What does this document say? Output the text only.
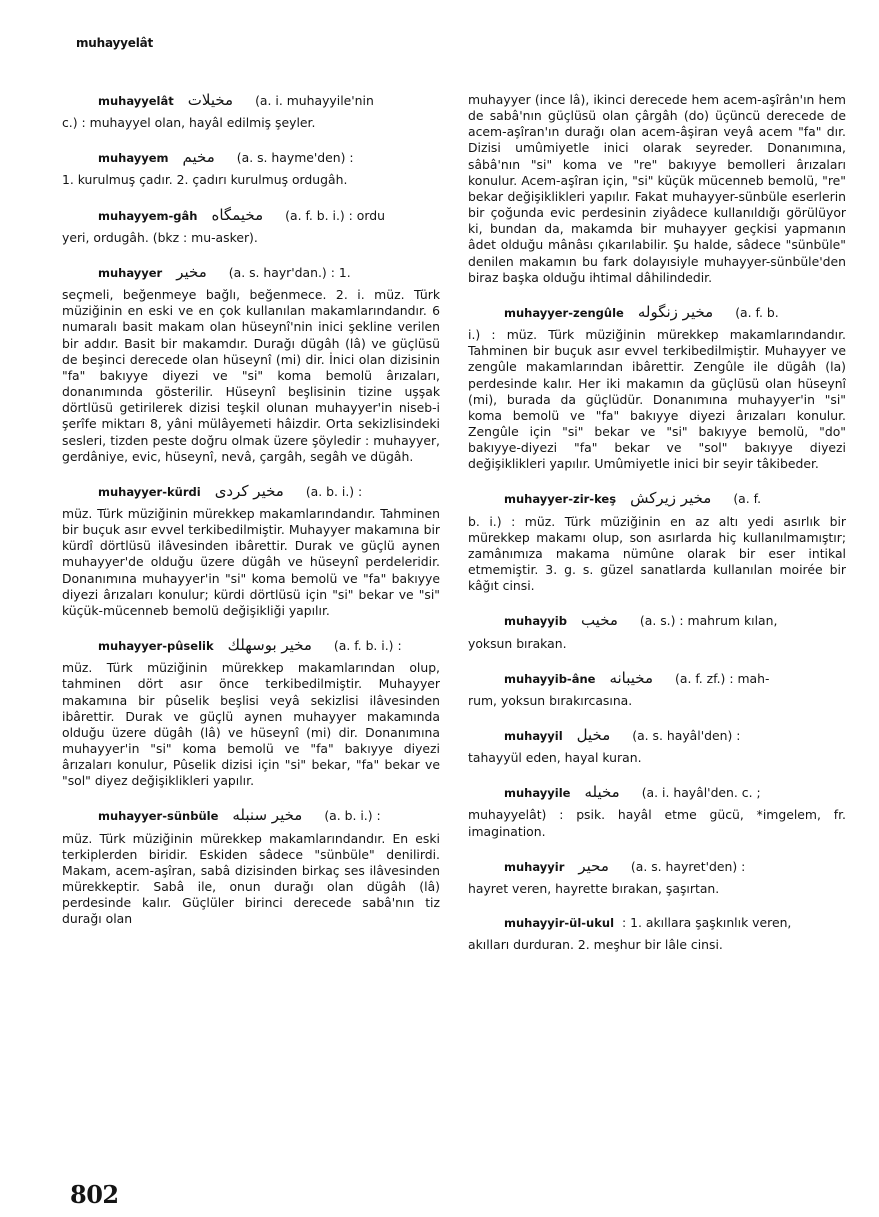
muhayyelât
muhayyelât مخيلات (a. i. muhayyile'nin
c.) : muhayyel olan, hayâl edilmiş şeyler.
muhayyem مخيم (a. s. hayme'den) :
1. kurulmuş çadır. 2. çadırı kurulmuş ordugâh.
muhayyem-gâh مخيمگاه (a. f. b. i.) : ordu
yeri, ordugâh. (bkz : mu-asker).
muhayyer مخير (a. s. hayr'dan.) : 1.
seçmeli, beğenmeye bağlı, beğenmece. 2. i. müz. Türk müziğinin en eski ve en çok kullanılan makamlarındandır. 6 numaralı basit makam olan hüseynî'nin inici şekline verilen bir addır. Basit bir makamdır. Durağı dügâh (lâ) ve güçlüsü de beşinci derecede olan hüseynî (mi) dir. İnici olan dizisinin "fa" bakıyye diyezi ve "si" koma bemolü ârızaları, donanımında gösterilir. Hüseynî beşlisinin tizine uşşak dörtlüsü getirilerek dizisi teşkil olunan muhayyer'in niseb-i şerîfe miktarı 8, yâni mülâyemeti hâizdir. Orta sekizlisindeki sesleri, tizden peste doğru olmak üzere şöyledir : muhayyer, gerdâniye, evic, hüseynî, nevâ, çargâh, segâh ve dügâh.
muhayyer-kürdi مخير كردى (a. b. i.) :
müz. Türk müziğinin mürekkep makamlarındandır. Tahminen bir buçuk asır evvel terkibedilmiştir. Muhayyer makamına bir kürdî dörtlüsü ilâvesinden ibârettir. Durak ve güçlü aynen muhayyer'de olduğu üzere dügâh ve hüseynî perdeleridir. Donanımına muhayyer'in "si" koma bemolü ve "fa" bakıyye diyezi ârızaları konulur; kürdi dörtlüsü için "si" bekar ve "si" küçük-mücenneb bemolü değişikliği yapılır.
muhayyer-pûselik مخير بوسهلك (a. f. b. i.) :
müz. Türk müziğinin mürekkep makamlarından olup, tahminen dört asır önce terkibedilmiştir. Muhayyer makamına bir pûselik beşlisi veyâ sekizlisi ilâvesinden ibârettir. Durak ve güçlü aynen muhayyer makamında olduğu üzere dügâh (lâ) ve hüseynî (mi) dir. Donanımına muhayyer'in "si" koma bemolü ve "fa" bakıyye diyezi ârızaları konulur, Pûselik dizisi için "si" bekar, "fa" bekar ve "sol" diyez değişiklikleri yapılır.
muhayyer-sünbüle مخير سنبله (a. b. i.) :
müz. Türk müziğinin mürekkep makamlarındandır. En eski terkiplerden biridir. Eskiden sâdece "sünbüle" denilirdi. Makam, acem-aşîran, sabâ dizisinden birkaç ses ilâvesinden mürekkeptir. Sabâ ile, onun durağı olan dügâh (lâ) perdesinde kalır. Güçlüler birinci derecede sabâ'nın tiz durağı olan
muhayyer (ince lâ), ikinci derecede hem acem-aşîrân'ın hem de sabâ'nın güçlüsü olan çârgâh (do) üçüncü derecede de acem-aşîran'ın durağı olan acem-âşiran veyâ acem "fa" dır. Dizisi umûmiyetle inici olarak seyreder. Donanımına, sâbâ'nın "si" koma ve "re" bakıyye bemolleri ârızaları konulur. Acem-aşîran için, "si" küçük mücenneb bemolü, "re" bekar değişiklikleri yapılır. Fakat muhayyer-sünbüle eserlerin bir çoğunda evic perdesinin ziyâdece kullanıldığı görülüyor ki, bundan da, makamda bir muhayyer geçkisi yapmanın âdet olduğu mânâsı çıkarılabilir. Şu halde, sâdece "sünbüle" denilen makamın bu fark dolayısiyle muhayyer-sünbüle'den biraz başka olduğu ihtimal dâhilindedir.
muhayyer-zengûle مخير زنگوله (a. f. b.
i.) : müz. Türk müziğinin mürekkep makamlarındandır. Tahminen bir buçuk asır evvel terkibedilmiştir. Muhayyer ve zengûle makamlarından ibârettir. Zengûle ile dügâh (la) perdesinde kalır. Her iki makamın da güçlüsü olan hüseynî (mi), burada da güçlüdür. Donanımına muhayyer'in "si" koma bemolü ve "fa" bakıyye diyezi ârızaları konulur. Zengûle için "si" bekar ve "si" bakıyye bemolü, "do" bakıyye-diyezi "fa" bekar ve "sol" bakıyye diyezi değişiklikleri yapılır. Umûmiyetle inici bir seyir tâkibeder.
muhayyer-zir-keş مخير زيركش (a. f.
b. i.) : müz. Türk müziğinin en az altı yedi asırlık bir mürekkep makamı olup, son asırlarda hiç kullanılmamıştır; zamânımıza makama nümûne olarak bir eser intikal etmemiştir. 3. g. s. güzel sanatlarda kullanılan moirée bir kâğıt cinsi.
muhayyib مخيب (a. s.) : mahrum kılan,
yoksun bırakan.
muhayyib-âne مخيبانه (a. f. zf.) : mah-
rum, yoksun bırakırcasına.
muhayyil مخيل (a. s. hayâl'den) :
tahayyül eden, hayal kuran.
muhayyile مخيله (a. i. hayâl'den. c. ;
muhayyelât) : psik. hayâl etme gücü, *imgelem, fr. imagination.
muhayyir محير (a. s. hayret'den) :
hayret veren, hayrette bırakan, şaşırtan.
muhayyir-ül-ukul : 1. akıllara şaşkınlık veren,
akılları durduran. 2. meşhur bir lâle cinsi.
802
